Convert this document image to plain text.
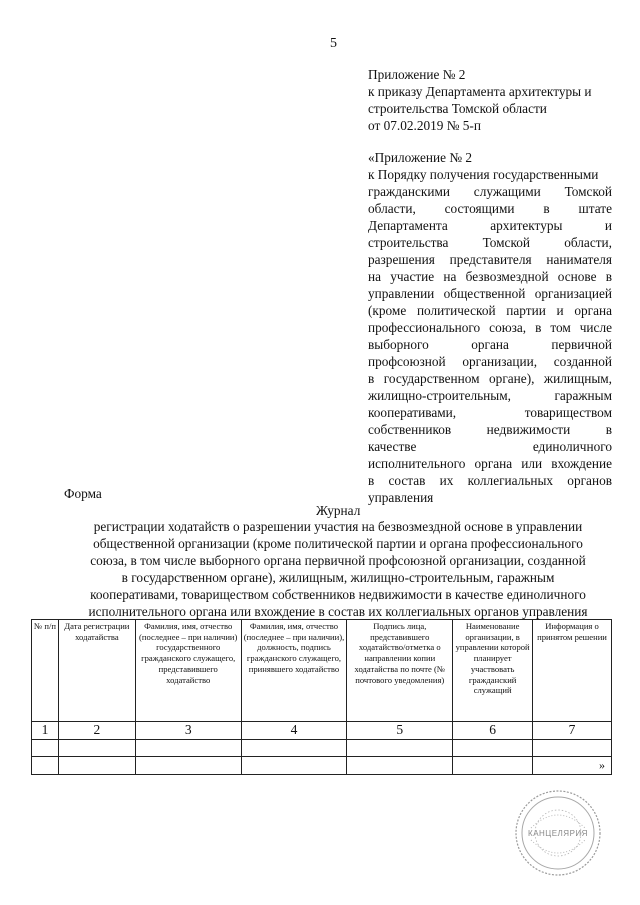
5
Приложение № 2
к приказу Департамента архитектуры и
строительства Томской области
от 07.02.2019 № 5-п
«Приложение № 2
к Порядку получения государственными
гражданскими служащими Томской
области, состоящими в штате
Департамента архитектуры и
строительства Томской области,
разрешения представителя нанимателя
на участие на безвозмездной основе в
управлении общественной организацией
(кроме политической партии и органа
профессионального союза, в том числе
выборного органа первичной
профсоюзной организации, созданной
в государственном органе), жилищным,
жилищно-строительным, гаражным
кооперативами, товариществом
собственников недвижимости в
качестве единоличного
исполнительного органа или вхождение
в состав их коллегиальных органов
управления
Форма
Журнал
регистрации ходатайств о разрешении участия на безвозмездной основе в управлении
общественной организации (кроме политической партии и органа профессионального
союза, в том числе выборного органа первичной профсоюзной организации, созданной
в государственном органе), жилищным, жилищно-строительным, гаражным
кооперативами, товариществом собственников недвижимости в качестве единоличного
исполнительного органа или вхождение в состав их коллегиальных органов управления
№ п/п	Дата регистрации ходатайства	Фамилия, имя, отчество (последнее – при наличии) государственного гражданского служащего, представившего ходатайство	Фамилия, имя, отчество (последнее – при наличии), должность, подпись гражданского служащего, принявшего ходатайство	Подпись лица, представившего ходатайство/отметка о направлении копии ходатайства по почте (№ почтового уведомления)	Наименование организации, в управлении которой планирует участвовать гражданский служащий	Информация о принятом решении
1	2	3	4	5	6	7

						»
КАНЦЕЛЯРИЯ
